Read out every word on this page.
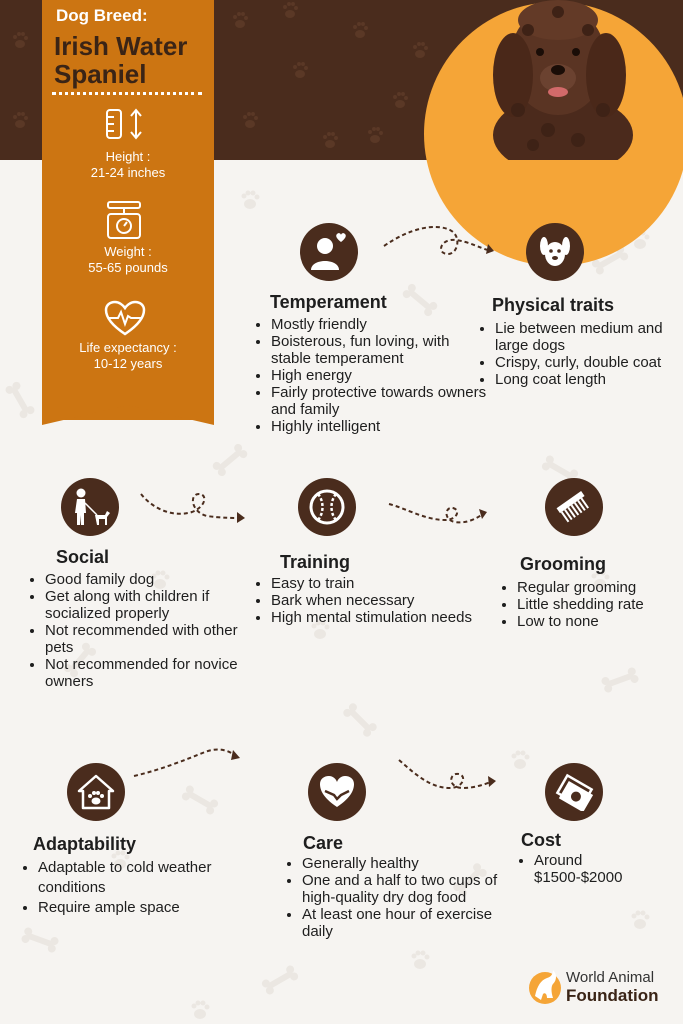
Dog Breed:
Irish Water Spaniel
Height :
21-24 inches
Weight :
55-65 pounds
Life expectancy :
10-12 years
Temperament
• Mostly friendly
• Boisterous, fun loving, with stable temperament
• High energy
• Fairly protective towards owners and family
• Highly intelligent
Physical traits
• Lie between medium and large dogs
• Crispy, curly, double coat
• Long coat length
Social
• Good family dog
• Get along with children if socialized properly
• Not recommended with other pets
• Not recommended for novice owners
Training
• Easy to train
• Bark when necessary
• High mental stimulation needs
Grooming
• Regular grooming
• Little shedding rate
• Low to none
Adaptability
• Adaptable to cold weather conditions
• Require ample space
Care
• Generally healthy
• One and a half to two cups of high-quality dry dog food
• At least one hour of exercise daily
Cost
• Around $1500-$2000
World Animal
Foundation
